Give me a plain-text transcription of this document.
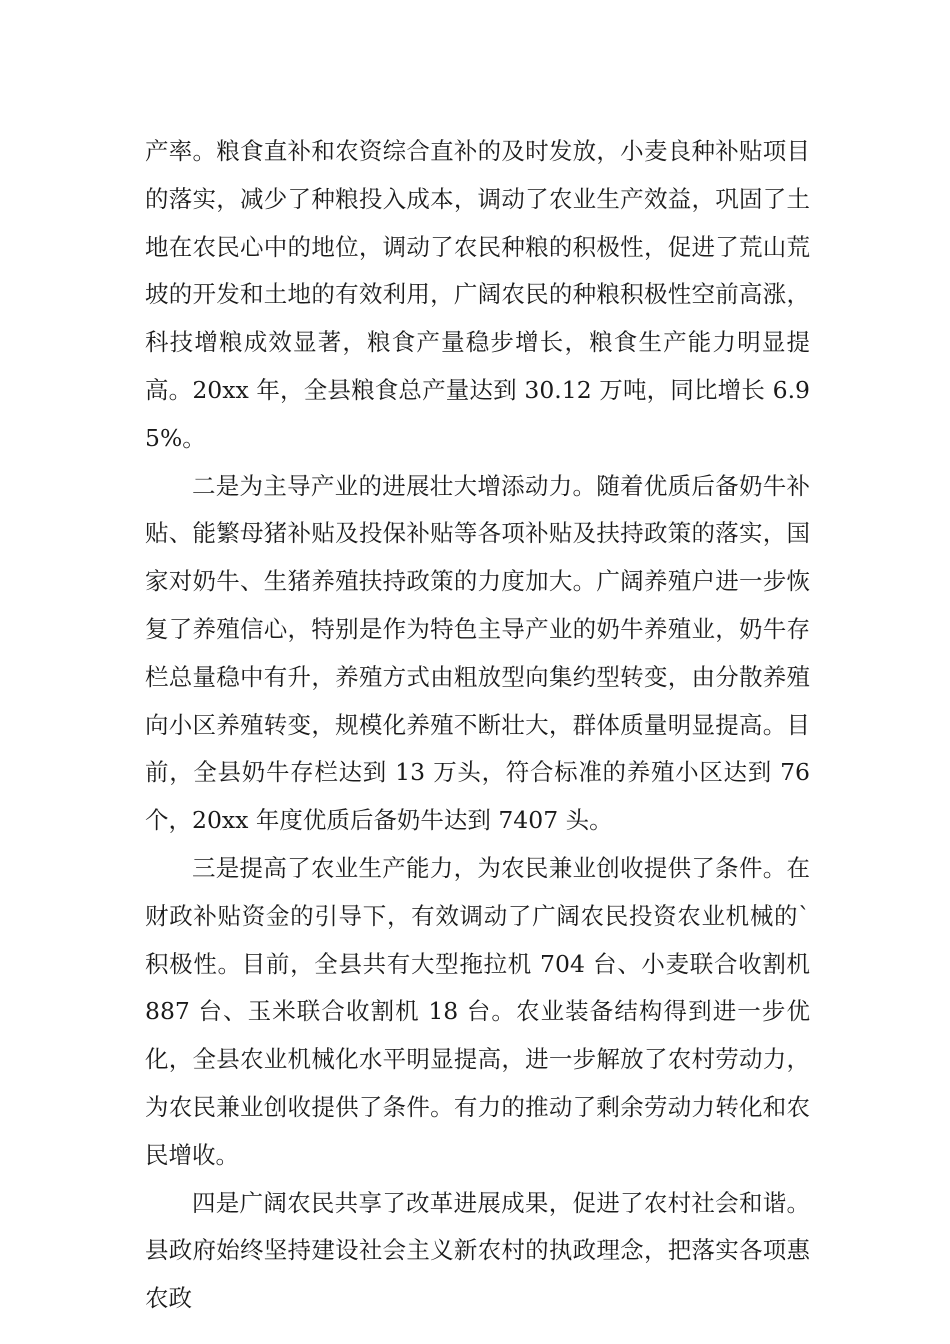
产率。粮食直补和农资综合直补的及时发放，小麦良种补贴项目的落实，减少了种粮投入成本，调动了农业生产效益，巩固了土地在农民心中的地位，调动了农民种粮的积极性，促进了荒山荒坡的开发和土地的有效利用，广阔农民的种粮积极性空前高涨，科技增粮成效显著，粮食产量稳步增长，粮食生产能力明显提高。20xx 年，全县粮食总产量达到 30.12 万吨，同比增长 6.95%。

二是为主导产业的进展壮大增添动力。随着优质后备奶牛补贴、能繁母猪补贴及投保补贴等各项补贴及扶持政策的落实，国家对奶牛、生猪养殖扶持政策的力度加大。广阔养殖户进一步恢复了养殖信心，特别是作为特色主导产业的奶牛养殖业，奶牛存栏总量稳中有升，养殖方式由粗放型向集约型转变，由分散养殖向小区养殖转变，规模化养殖不断壮大，群体质量明显提高。目前，全县奶牛存栏达到 13 万头，符合标准的养殖小区达到 76 个，20xx 年度优质后备奶牛达到 7407 头。

三是提高了农业生产能力，为农民兼业创收提供了条件。在财政补贴资金的引导下，有效调动了广阔农民投资农业机械的`积极性。目前，全县共有大型拖拉机 704 台、小麦联合收割机 887 台、玉米联合收割机 18 台。农业装备结构得到进一步优化，全县农业机械化水平明显提高，进一步解放了农村劳动力，为农民兼业创收提供了条件。有力的推动了剩余劳动力转化和农民增收。

四是广阔农民共享了改革进展成果，促进了农村社会和谐。县政府始终坚持建设社会主义新农村的执政理念，把落实各项惠农政
